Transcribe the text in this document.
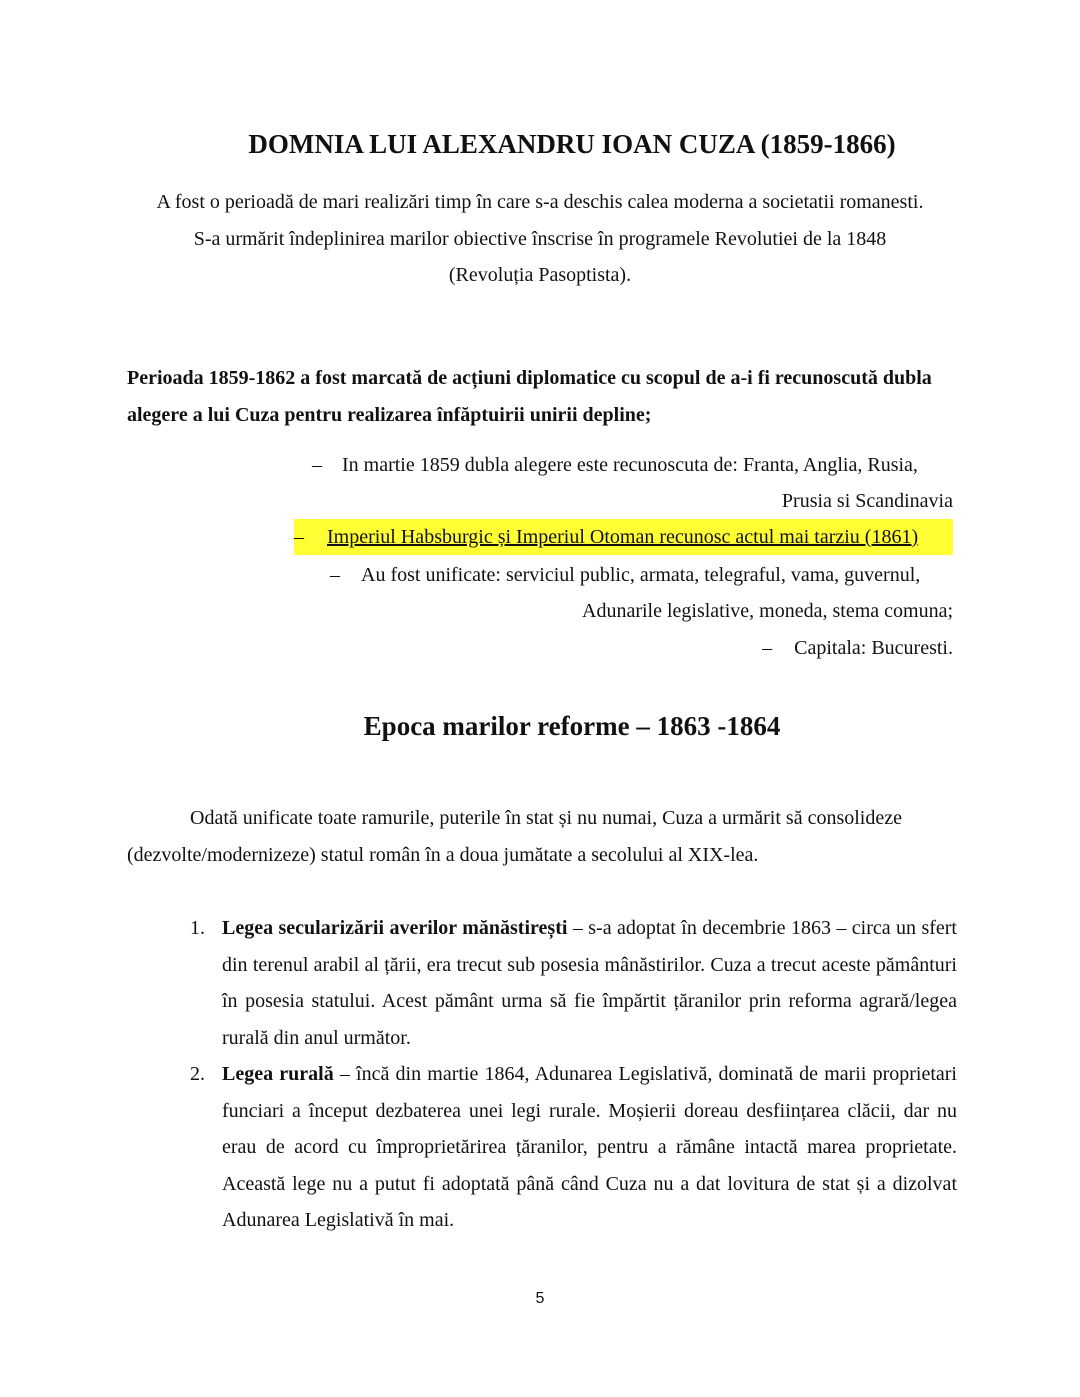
DOMNIA LUI ALEXANDRU IOAN CUZA (1859-1866)
A fost o perioadă de mari realizări timp în care s-a deschis calea moderna a societatii romanesti.
S-a urmărit îndeplinirea marilor obiective înscrise în programele Revolutiei de la 1848
(Revoluția Pasoptista).

Perioada 1859-1862 a fost marcată de acțiuni diplomatice cu scopul de a-i fi recunoscută dubla alegere a lui Cuza pentru realizarea înfăptuirii unirii depline;

– In martie 1859 dubla alegere este recunoscuta de: Franta, Anglia, Rusia,
Prusia si Scandinavia
– Imperiul Habsburgic și Imperiul Otoman recunosc actul mai tarziu (1861)
– Au fost unificate: serviciul public, armata, telegraful, vama, guvernul,
Adunarile legislative, moneda, stema comuna;
– Capitala: Bucuresti.
Epoca marilor reforme – 1863 -1864

Odată unificate toate ramurile, puterile în stat și nu numai, Cuza a urmărit să consolideze (dezvolte/modernizeze) statul român în a doua jumătate a secolului al XIX-lea.

1. Legea secularizării averilor mănăstirești – s-a adoptat în decembrie 1863 – circa un sfert din terenul arabil al țării, era trecut sub posesia mânăstirilor. Cuza a trecut aceste pământuri în posesia statului. Acest pământ urma să fie împărtit țăranilor prin reforma agrară/legea rurală din anul următor.
2. Legea rurală – încă din martie 1864, Adunarea Legislativă, dominată de marii proprietari funciari a început dezbaterea unei legi rurale. Moșierii doreau desființarea clăcii, dar nu erau de acord cu împroprietărirea țăranilor, pentru a rămâne intactă marea proprietate. Această lege nu a putut fi adoptată până când Cuza nu a dat lovitura de stat și a dizolvat Adunarea Legislativă în mai.
5
